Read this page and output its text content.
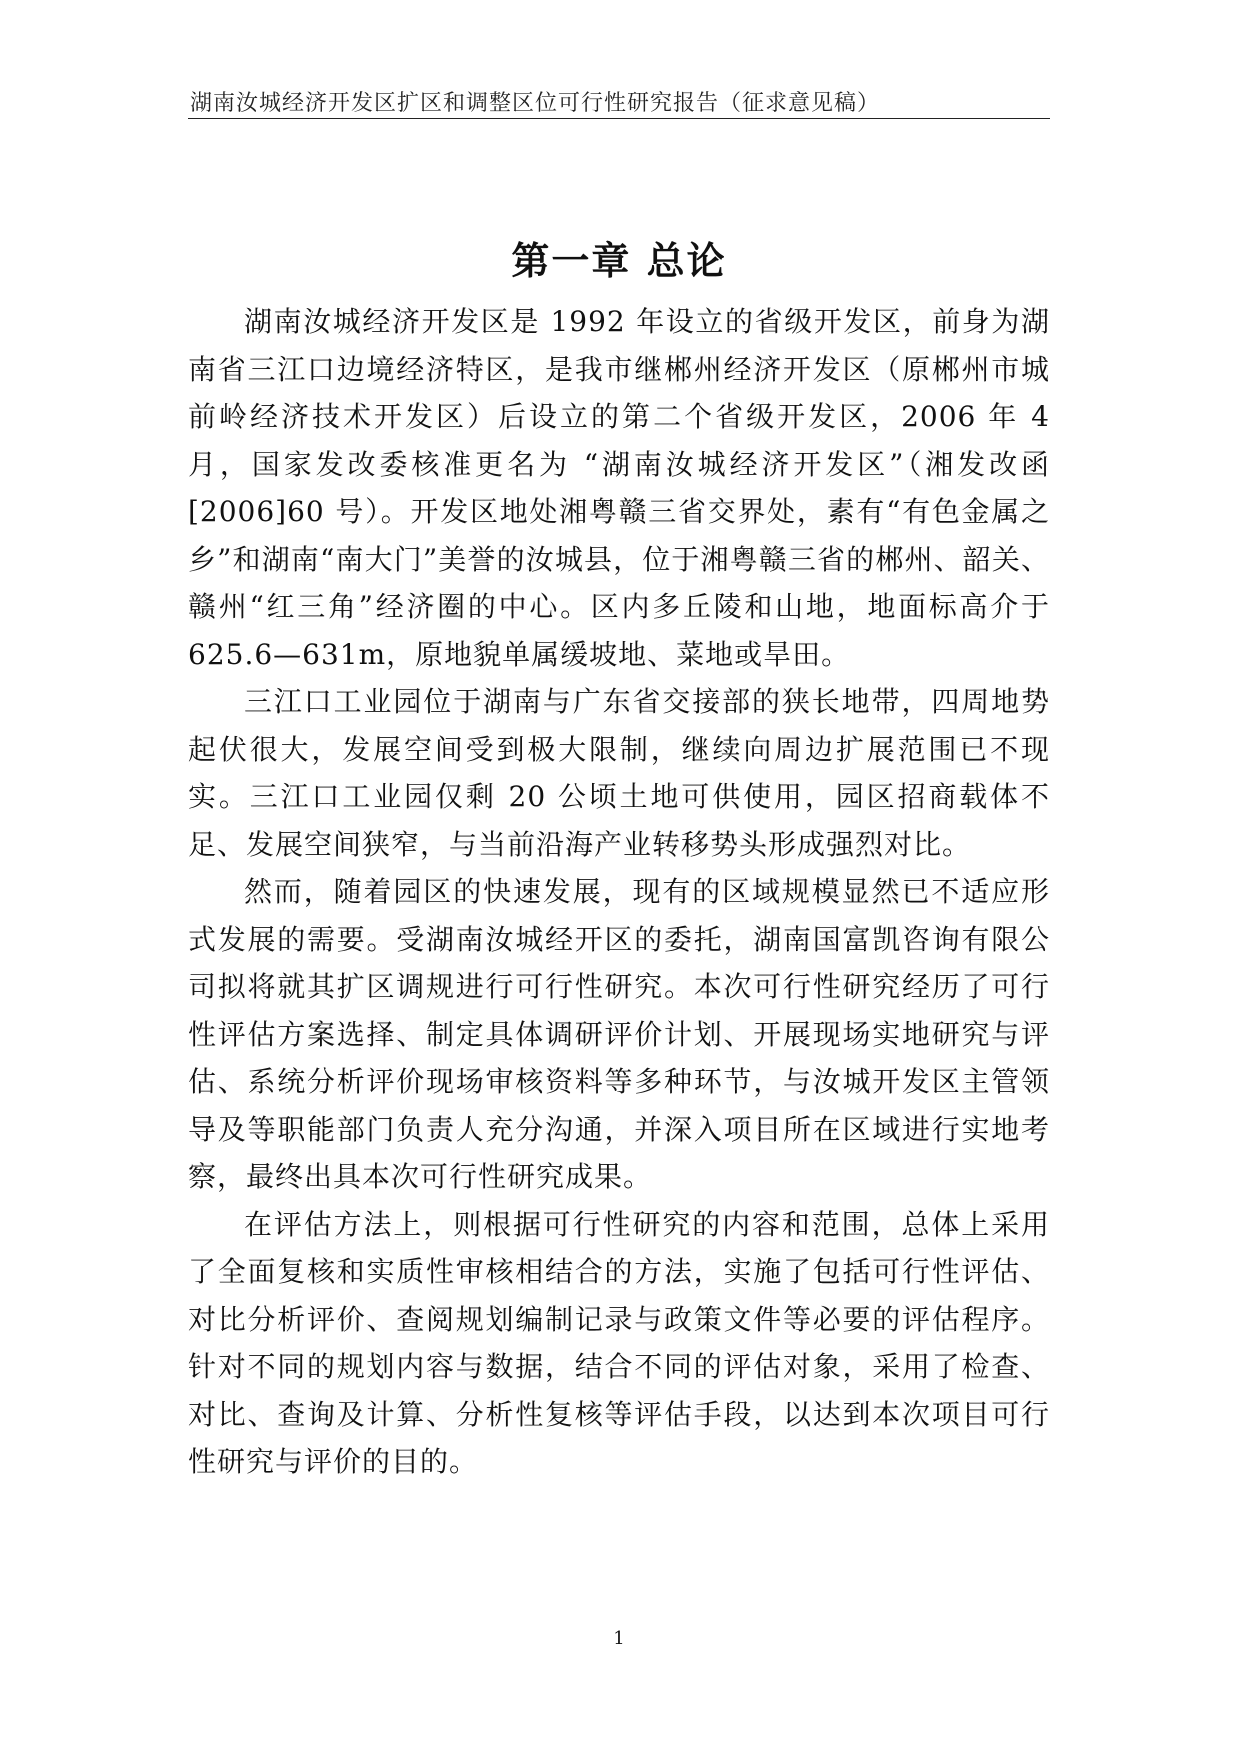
湖南汝城经济开发区扩区和调整区位可行性研究报告（征求意见稿）
第一章 总论

湖南汝城经济开发区是 1992 年设立的省级开发区，前身为湖南省三江口边境经济特区，是我市继郴州经济开发区（原郴州市城前岭经济技术开发区）后设立的第二个省级开发区，2006 年 4 月，国家发改委核准更名为 “湖南汝城经济开发区”（湘发改函[2006]60 号）。开发区地处湘粤赣三省交界处，素有“有色金属之乡”和湖南“南大门”美誉的汝城县，位于湘粤赣三省的郴州、韶关、赣州“红三角”经济圈的中心。区内多丘陵和山地，地面标高介于 625.6—631m，原地貌单属缓坡地、菜地或旱田。

三江口工业园位于湖南与广东省交接部的狭长地带，四周地势起伏很大，发展空间受到极大限制，继续向周边扩展范围已不现实。三江口工业园仅剩 20 公顷土地可供使用，园区招商载体不足、发展空间狭窄，与当前沿海产业转移势头形成强烈对比。

然而，随着园区的快速发展，现有的区域规模显然已不适应形式发展的需要。受湖南汝城经开区的委托，湖南国富凯咨询有限公司拟将就其扩区调规进行可行性研究。本次可行性研究经历了可行性评估方案选择、制定具体调研评价计划、开展现场实地研究与评估、系统分析评价现场审核资料等多种环节，与汝城开发区主管领导及等职能部门负责人充分沟通，并深入项目所在区域进行实地考察，最终出具本次可行性研究成果。

在评估方法上，则根据可行性研究的内容和范围，总体上采用了全面复核和实质性审核相结合的方法，实施了包括可行性评估、对比分析评价、查阅规划编制记录与政策文件等必要的评估程序。针对不同的规划内容与数据，结合不同的评估对象，采用了检查、对比、查询及计算、分析性复核等评估手段，以达到本次项目可行性研究与评价的目的。

1
